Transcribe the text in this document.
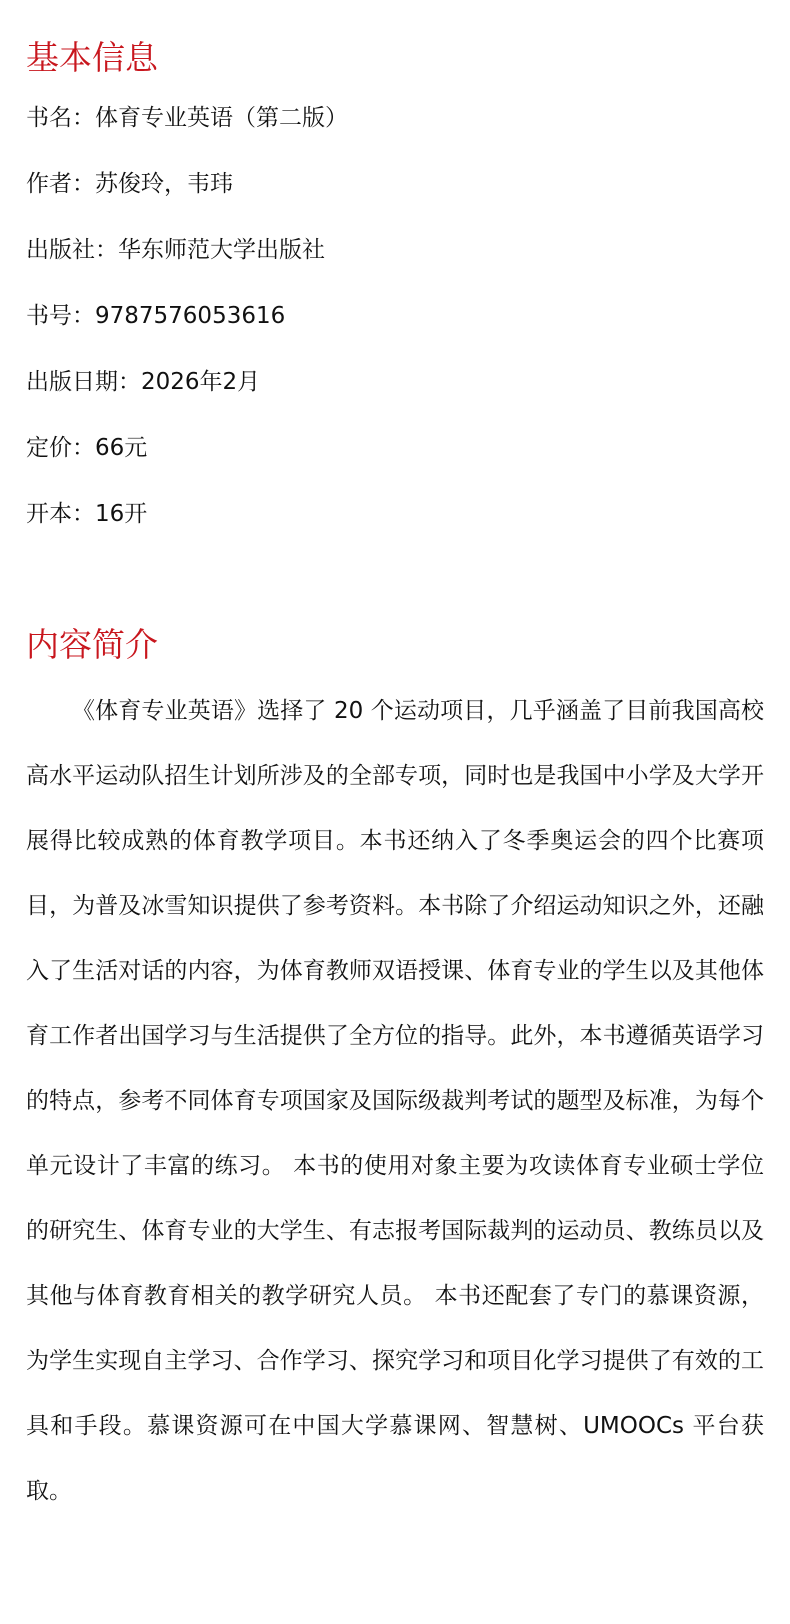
基本信息
书名：体育专业英语（第二版）
作者：苏俊玲，韦玮
出版社：华东师范大学出版社
书号：9787576053616
出版日期：2026年2月
定价：66元
开本：16开
内容简介

《体育专业英语》选择了 20 个运动项目，几乎涵盖了目前我国高校高水平运动队招生计划所涉及的全部专项，同时也是我国中小学及大学开展得比较成熟的体育教学项目。本书还纳入了冬季奥运会的四个比赛项目，为普及冰雪知识提供了参考资料。本书除了介绍运动知识之外，还融入了生活对话的内容，为体育教师双语授课、体育专业的学生以及其他体育工作者出国学习与生活提供了全方位的指导。此外，本书遵循英语学习的特点，参考不同体育专项国家及国际级裁判考试的题型及标准，为每个单元设计了丰富的练习。 本书的使用对象主要为攻读体育专业硕士学位的研究生、体育专业的大学生、有志报考国际裁判的运动员、教练员以及其他与体育教育相关的教学研究人员。 本书还配套了专门的慕课资源，为学生实现自主学习、合作学习、探究学习和项目化学习提供了有效的工具和手段。慕课资源可在中国大学慕课网、智慧树、UMOOCs 平台获取。
